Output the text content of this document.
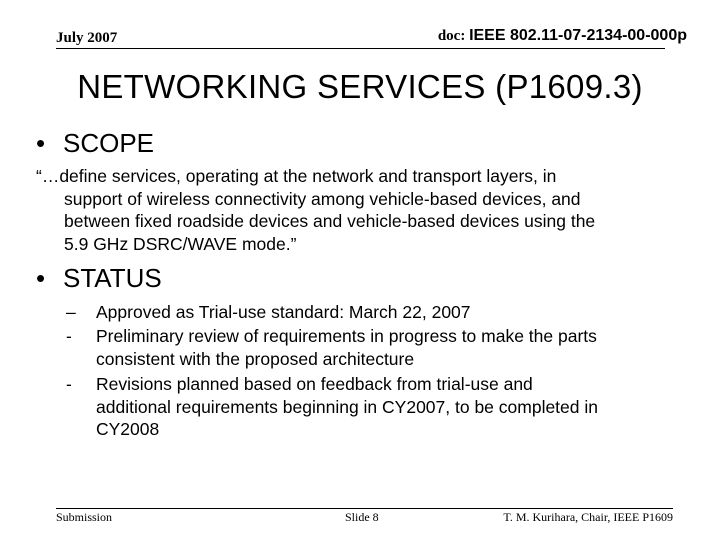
July 2007	doc: IEEE 802.11-07-2134-00-000p
NETWORKING SERVICES (P1609.3)
• SCOPE
“…define services, operating at the network and transport layers, in
support of wireless connectivity among vehicle-based devices, and
between fixed roadside devices and vehicle-based devices using the
5.9 GHz DSRC/WAVE mode.”
• STATUS
– Approved as Trial-use standard: March 22, 2007
- Preliminary review of requirements in progress to make the parts
consistent with the proposed architecture
- Revisions planned based on feedback from trial-use and
additional requirements beginning in CY2007, to be completed in
CY2008
Submission	Slide 8	T. M. Kurihara, Chair, IEEE P1609
